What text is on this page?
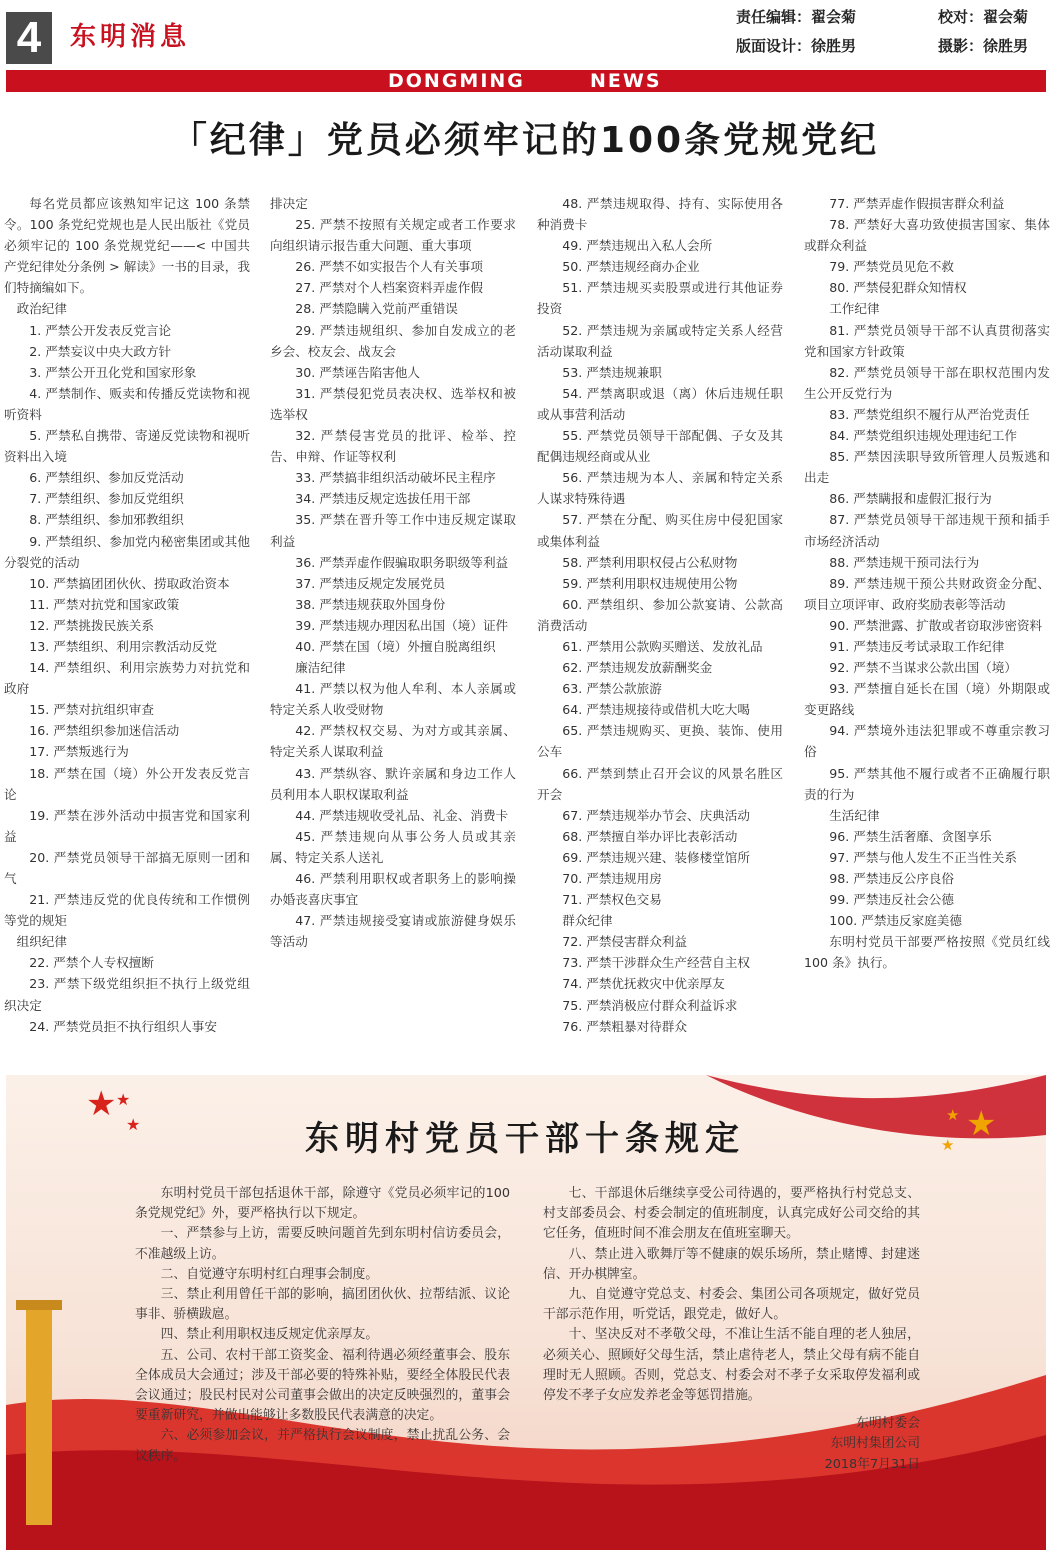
4	东明消息
责任编辑：翟会菊	校对：翟会菊
版面设计：徐胜男	摄影：徐胜男
DONGMING	NEWS
「纪律」党员必须牢记的100条党规党纪

每名党员都应该熟知牢记这 100 条禁令。100 条党纪党规也是人民出版社《党员必须牢记的 100 条党规党纪——< 中国共产党纪律处分条例 > 解读》一书的目录，我们特摘编如下。

政治纪律

1. 严禁公开发表反党言论

2. 严禁妄议中央大政方针

3. 严禁公开丑化党和国家形象

4. 严禁制作、贩卖和传播反党读物和视听资料

5. 严禁私自携带、寄递反党读物和视听资料出入境

6. 严禁组织、参加反党活动

7. 严禁组织、参加反党组织

8. 严禁组织、参加邪教组织

9. 严禁组织、参加党内秘密集团或其他分裂党的活动

10. 严禁搞团团伙伙、捞取政治资本

11. 严禁对抗党和国家政策

12. 严禁挑拨民族关系

13. 严禁组织、利用宗教活动反党

14. 严禁组织、利用宗族势力对抗党和政府

15. 严禁对抗组织审查

16. 严禁组织参加迷信活动

17. 严禁叛逃行为

18. 严禁在国（境）外公开发表反党言论

19. 严禁在涉外活动中损害党和国家利益

20. 严禁党员领导干部搞无原则一团和气

21. 严禁违反党的优良传统和工作惯例等党的规矩

组织纪律

22. 严禁个人专权擅断

23. 严禁下级党组织拒不执行上级党组织决定

24. 严禁党员拒不执行组织人事安

排决定

25. 严禁不按照有关规定或者工作要求向组织请示报告重大问题、重大事项

26. 严禁不如实报告个人有关事项

27. 严禁对个人档案资料弄虚作假

28. 严禁隐瞒入党前严重错误

29. 严禁违规组织、参加自发成立的老乡会、校友会、战友会

30. 严禁诬告陷害他人

31. 严禁侵犯党员表决权、选举权和被选举权

32. 严禁侵害党员的批评、检举、控告、申辩、作证等权利

33. 严禁搞非组织活动破坏民主程序

34. 严禁违反规定选拔任用干部

35. 严禁在晋升等工作中违反规定谋取利益

36. 严禁弄虚作假骗取职务职级等利益

37. 严禁违反规定发展党员

38. 严禁违规获取外国身份

39. 严禁违规办理因私出国（境）证件

40. 严禁在国（境）外擅自脱离组织

廉洁纪律

41. 严禁以权为他人牟利、本人亲属或特定关系人收受财物

42. 严禁权权交易、为对方或其亲属、特定关系人谋取利益

43. 严禁纵容、默许亲属和身边工作人员利用本人职权谋取利益

44. 严禁违规收受礼品、礼金、消费卡

45. 严禁违规向从事公务人员或其亲属、特定关系人送礼

46. 严禁利用职权或者职务上的影响操办婚丧喜庆事宜

47. 严禁违规接受宴请或旅游健身娱乐等活动

48. 严禁违规取得、持有、实际使用各种消费卡

49. 严禁违规出入私人会所

50. 严禁违规经商办企业

51. 严禁违规买卖股票或进行其他证券投资

52. 严禁违规为亲属或特定关系人经营活动谋取利益

53. 严禁违规兼职

54. 严禁离职或退（离）休后违规任职或从事营利活动

55. 严禁党员领导干部配偶、子女及其配偶违规经商或从业

56. 严禁违规为本人、亲属和特定关系人谋求特殊待遇

57. 严禁在分配、购买住房中侵犯国家或集体利益

58. 严禁利用职权侵占公私财物

59. 严禁利用职权违规使用公物

60. 严禁组织、参加公款宴请、公款高消费活动

61. 严禁用公款购买赠送、发放礼品

62. 严禁违规发放薪酬奖金

63. 严禁公款旅游

64. 严禁违规接待或借机大吃大喝

65. 严禁违规购买、更换、装饰、使用公车

66. 严禁到禁止召开会议的风景名胜区开会

67. 严禁违规举办节会、庆典活动

68. 严禁擅自举办评比表彰活动

69. 严禁违规兴建、装修楼堂馆所

70. 严禁违规用房

71. 严禁权色交易

群众纪律

72. 严禁侵害群众利益

73. 严禁干涉群众生产经营自主权

74. 严禁优抚救灾中优亲厚友

75. 严禁消极应付群众利益诉求

76. 严禁粗暴对待群众

77. 严禁弄虚作假损害群众利益

78. 严禁好大喜功致使损害国家、集体或群众利益

79. 严禁党员见危不救

80. 严禁侵犯群众知情权

工作纪律

81. 严禁党员领导干部不认真贯彻落实党和国家方针政策

82. 严禁党员领导干部在职权范围内发生公开反党行为

83. 严禁党组织不履行从严治党责任

84. 严禁党组织违规处理违纪工作

85. 严禁因渎职导致所管理人员叛逃和出走

86. 严禁瞒报和虚假汇报行为

87. 严禁党员领导干部违规干预和插手市场经济活动

88. 严禁违规干预司法行为

89. 严禁违规干预公共财政资金分配、项目立项评审、政府奖励表彰等活动

90. 严禁泄露、扩散或者窃取涉密资料

91. 严禁违反考试录取工作纪律

92. 严禁不当谋求公款出国（境）

93. 严禁擅自延长在国（境）外期限或变更路线

94. 严禁境外违法犯罪或不尊重宗教习俗

95. 严禁其他不履行或者不正确履行职责的行为

生活纪律

96. 严禁生活奢靡、贪图享乐

97. 严禁与他人发生不正当性关系

98. 严禁违反公序良俗

99. 严禁违反社会公德

100. 严禁违反家庭美德

东明村党员干部要严格按照《党员红线 100 条》执行。

★ ★
★	★
★
★
东明村党员干部十条规定

东明村党员干部包括退休干部，除遵守《党员必须牢记的100条党规党纪》外，要严格执行以下规定。

一、严禁参与上访，需要反映问题首先到东明村信访委员会，不准越级上访。

二、自觉遵守东明村红白理事会制度。

三、禁止利用曾任干部的影响，搞团团伙伙、拉帮结派、议论事非、骄横跋扈。

四、禁止利用职权违反规定优亲厚友。

五、公司、农村干部工资奖金、福利待遇必须经董事会、股东全体成员大会通过；涉及干部必要的特殊补贴，要经全体股民代表会议通过；股民村民对公司董事会做出的决定反映强烈的，董事会要重新研究，并做出能够让多数股民代表满意的决定。

六、必须参加会议，并严格执行会议制度，禁止扰乱公务、会议秩序。

七、干部退休后继续享受公司待遇的，要严格执行村党总支、村支部委员会、村委会制定的值班制度，认真完成好公司交给的其它任务，值班时间不准会朋友在值班室聊天。

八、禁止进入歌舞厅等不健康的娱乐场所，禁止赌博、封建迷信、开办棋牌室。

九、自觉遵守党总支、村委会、集团公司各项规定，做好党员干部示范作用，听党话，跟党走，做好人。

十、坚决反对不孝敬父母，不准让生活不能自理的老人独居，必须关心、照顾好父母生活，禁止虐待老人，禁止父母有病不能自理时无人照顾。否则，党总支、村委会对不孝子女采取停发福利或停发不孝子女应发养老金等惩罚措施。

东明村委会

东明村集团公司

2018年7月31日
